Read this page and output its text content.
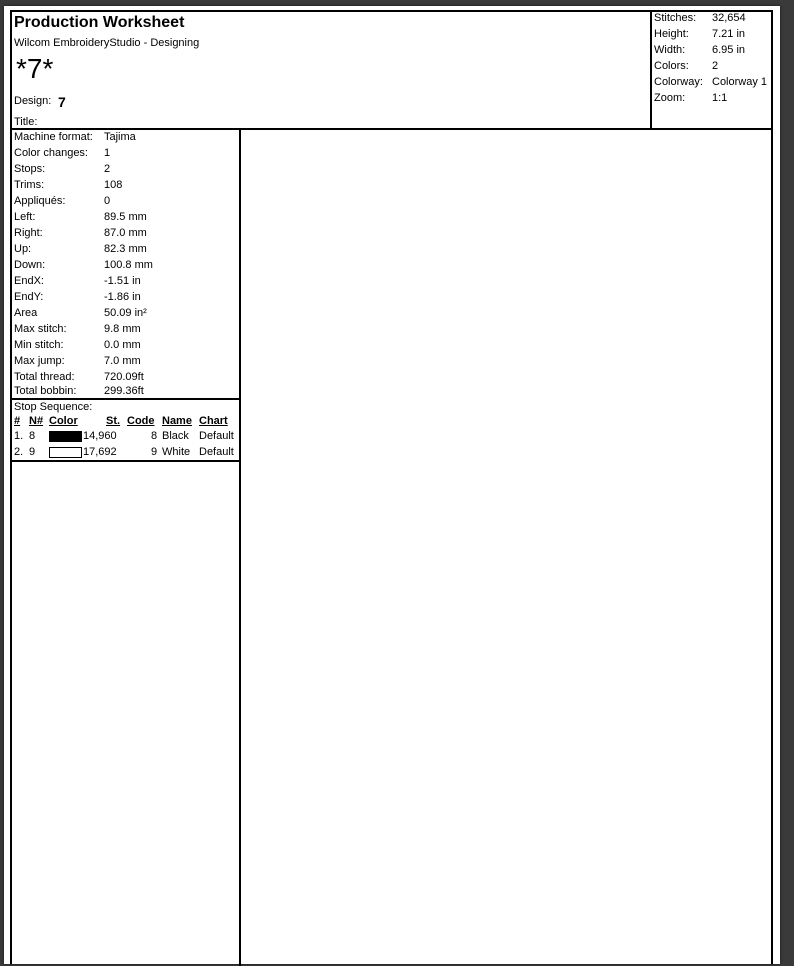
Production Worksheet
Wilcom EmbroideryStudio - Designing
*7*
Design: 7
Title:
Stitches:	32,654
Height:	7.21 in
Width:	6.95 in
Colors:	2
Colorway: Colorway 1
Zoom:	1:1
Machine format: Tajima
Color changes: 1
Stops:	2
Trims:	108
Appliqués:	0
Left:	89.5 mm
Right:	87.0 mm
Up:	82.3 mm
Down:	100.8 mm
EndX:	-1.51 in
EndY:	-1.86 in
Area	50.09 in²
Max stitch:	9.8 mm
Min stitch:	0.0 mm
Max jump:	7.0 mm
Total thread:	720.09ft
Total bobbin:	299.36ft
Stop Sequence:
# N# Color	St. Code Name Chart
1. 8	14,960	8 Black Default
2. 9	17,692	9 White Default
